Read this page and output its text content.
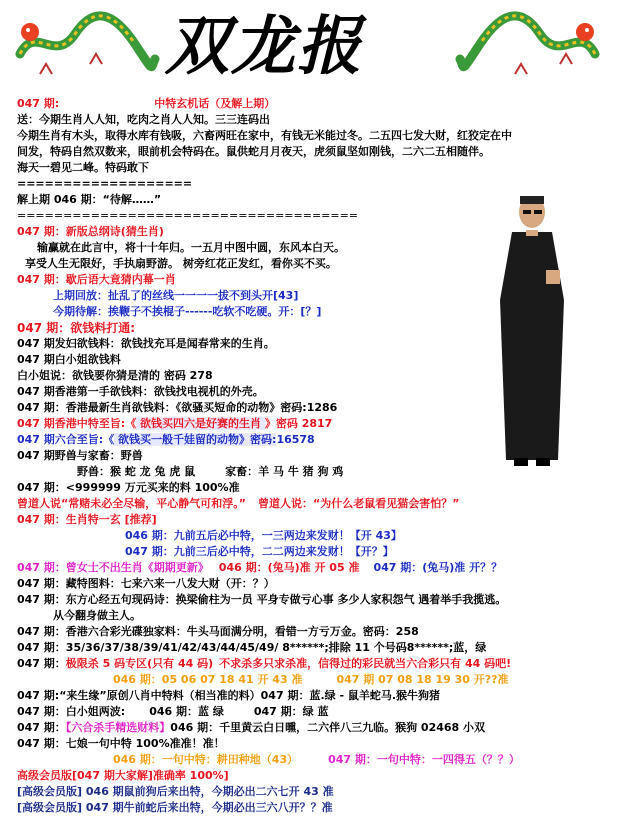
双龙报
047 期:	中特玄机话（及解上期）
送：今期生肖人人知，吃肉之肖人人知。三三连码出
今期生肖有木头，取得水库有钱吸，六畜两旺在家中，有钱无米能过冬。二五四七发大财，红狡定在中
间发，特码自然双数来，眼前机会特码在。鼠供蛇月月夜天，虎须鼠坚如刚钱，二六二五相随伴。
海天一碧见二峰。特码敢下
===================
解上期 046 期：“待解……”
=====================================
047 期：新版总纲诗(猜生肖)
输赢就在此言中，将十十年归。一五月中图中圆，东风本白天。
享受人生无限好，手执扇野游。 树旁红花正发红，看你买不买。
047 期：歇后语大竟猜内幕一肖
上期回放：扯乱了的丝线一一一一拔不到头开[43]
今期待解：挨鞭子不挨棍子------吃软不吃硬。开：[？]
047 期：欲钱料打通:
047 期发妇欲钱料：欲钱找充耳是闻春常来的生肖。
047 期白小姐欲钱料
白小姐说：欲钱要你猜是清的 密码 278
047 期香港第一手欲钱料：欲钱找电视机的外壳。
047 期：香港最新生肖欲钱料：《欲骚买短命的动物》密码:1286
047 期香港中特至旨:《 欲钱买四六是好赛的生肖 》密码 2817
047 期六合至旨:《 欲钱买一般千娃留的动物》密码:16578
047 期野兽与家畜：野兽
野兽：猴 蛇 龙 兔 虎 鼠	家畜：羊 马 牛 猪 狗 鸡
047 期：<999999 万元买来的料 100%准
曾道人说“常赌未必全尽输，平心静气可和浮。” 曾道人说：“为什么老鼠看见猫会害怕？”
047 期：生肖特一玄 [推荐]
046 期：九前五后必中特，一三两边来发财！【开 43】
047 期：九前三后必中特，二二两边来发财！【开？】
047 期：曾女士不出生肖《期期更新》 046 期：(兔马)准 开 05 准 047 期：(兔马)准 开？？
047 期：藏特图料：七来六来一八发大财（开：？）
047 期：东方心经五句现码诗：换梁偷柱为一员 平身专做亏心事 多少人家积怨气 遇着举手我揽逃。
从今翻身做主人。
047 期：香港六合彩光碟独家料：牛头马面满分明，看错一方亏万金。密码：258
047 期：35/36/37/38/39/41/42/43/44/45/49/ 8******;排除 11 个号码8******;蓝，绿
047 期：极限杀 5 码专区(只有 44 码) 不求杀多只求杀准，信得过的彩民就当六合彩只有 44 码吧!
046 期：05 06 07 18 41 开 43 准	047 期 07 08 18 19 30 开??准
047 期:“来生缘”原创八肖中特料（相当准的料）047 期：蓝.绿 - 鼠羊蛇马.猴牛狗猪
047 期：白小姐两波: 046 期：蓝 绿	047 期：绿 蓝
047 期：【六合杀手精选财料】046 期：千里黄云白日曛，二六伴八三九临。猴狗 02468 小双
047 期：七娘一句中特 100%准准！准！
046 期：一句中特：耕田种地（43）	047 期：一句中特：一四得五（？？）
高级会员版[047 期大家解]准确率 100%]
[高级会员版] 046 期鼠前狗后来出特，今期必出二六七开 43 准
[高级会员版] 047 期牛前蛇后来出特，今期必出三六八开？？准
